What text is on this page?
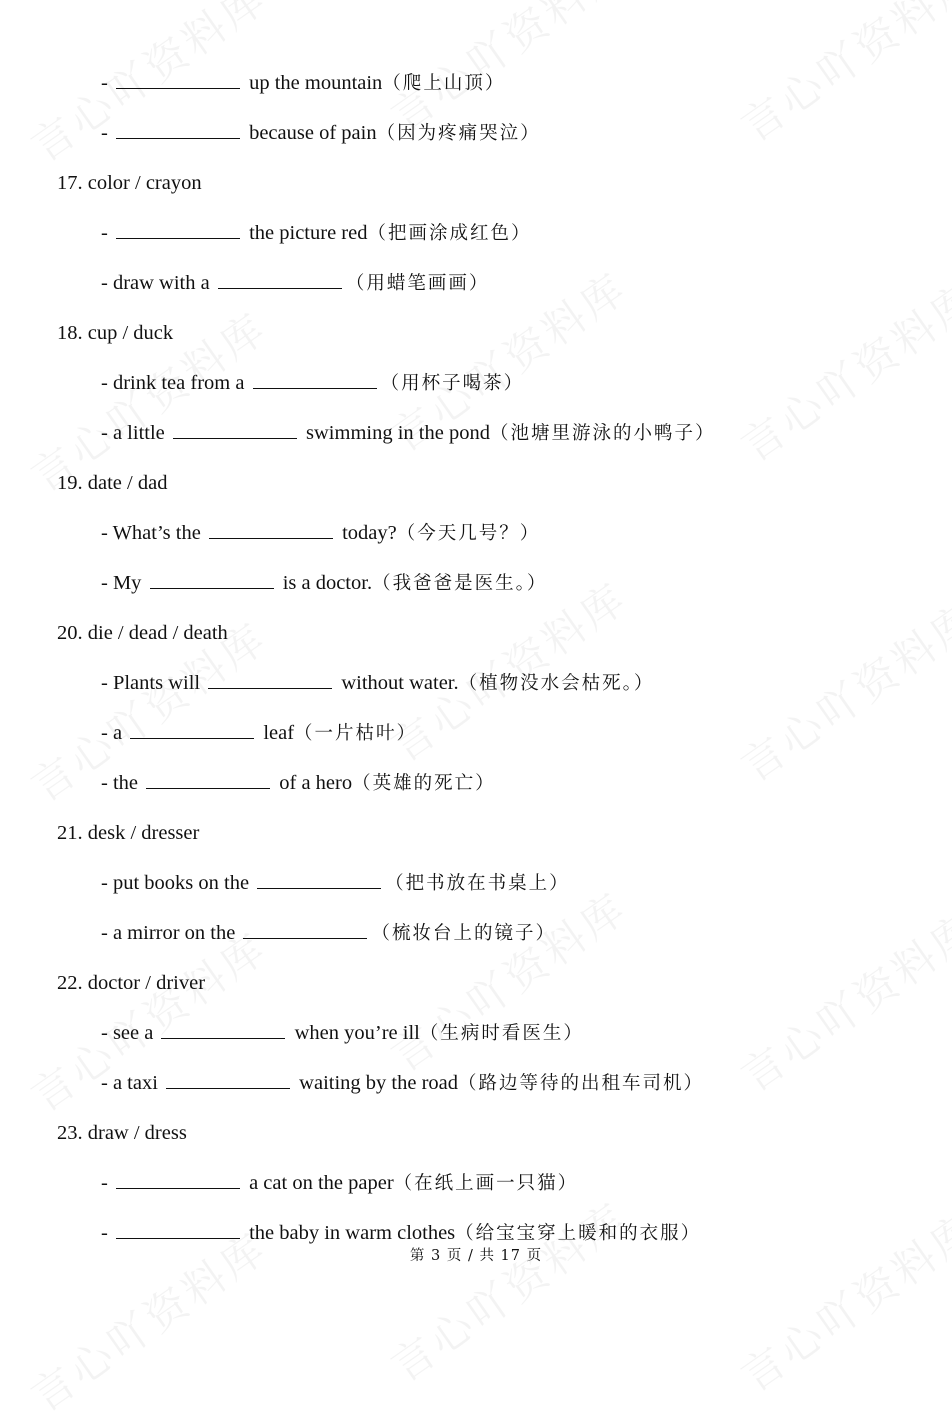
-	up the mountain（爬上山顶）
-	because of pain（因为疼痛哭泣）
17. color / crayon
-	the picture red（把画涂成红色）
- draw with a	（用蜡笔画画）
18. cup / duck
- drink tea from a	（用杯子喝茶）
- a little	swimming in the pond（池塘里游泳的小鸭子）
19. date / dad
- What’s the	today?（今天几号？）
- My	is a doctor.（我爸爸是医生。）
20. die / dead / death
- Plants will	without water.（植物没水会枯死。）
- a	leaf（一片枯叶）
- the	of a hero（英雄的死亡）
21. desk / dresser
- put books on the	（把书放在书桌上）
- a mirror on the	（梳妆台上的镜子）
22. doctor / driver
- see a	when you’re ill（生病时看医生）
- a taxi	waiting by the road（路边等待的出租车司机）
23. draw / dress
-	a cat on the paper（在纸上画一只猫）
-	the baby in warm clothes（给宝宝穿上暖和的衣服）
第 3 页 / 共 17 页
